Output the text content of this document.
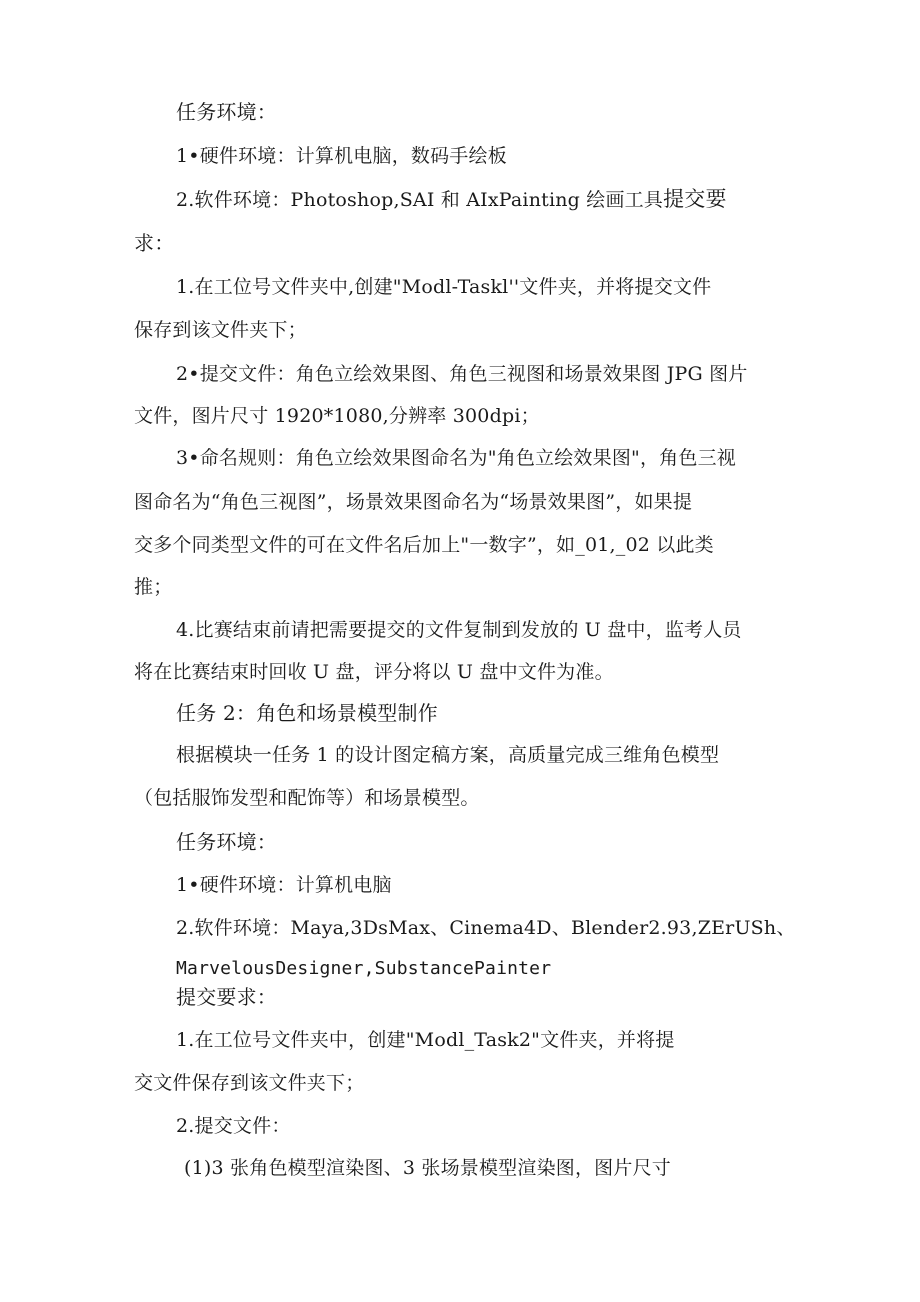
任务环境：
1•硬件环境：计算机电脑，数码手绘板
2.软件环境：Photoshop,SAI 和 AIxPainting 绘画工具提交要
求：
1.在工位号文件夹中,创建"Modl-Taskl''文件夹，并将提交文件
保存到该文件夹下；
2•提交文件：角色立绘效果图、角色三视图和场景效果图 JPG 图片
文件，图片尺寸 1920*1080,分辨率 300dpi；
3•命名规则：角色立绘效果图命名为"角色立绘效果图"，角色三视
图命名为“角色三视图”，场景效果图命名为“场景效果图”，如果提
交多个同类型文件的可在文件名后加上"一数字”，如_01,_02 以此类
推；
4.比赛结束前请把需要提交的文件复制到发放的 U 盘中，监考人员
将在比赛结束时回收 U 盘，评分将以 U 盘中文件为准。
任务 2：角色和场景模型制作
根据模块一任务 1 的设计图定稿方案，高质量完成三维角色模型
（包括服饰发型和配饰等）和场景模型。
任务环境：
1•硬件环境：计算机电脑
2.软件环境：Maya,3DsMax、Cinema4D、Blender2.93,ZErUSh、
MarvelousDesigner,SubstancePainter
提交要求：
1.在工位号文件夹中，创建"Modl_Task2"文件夹，并将提
交文件保存到该文件夹下；
2.提交文件：
(1)3 张角色模型渲染图、3 张场景模型渲染图，图片尺寸
